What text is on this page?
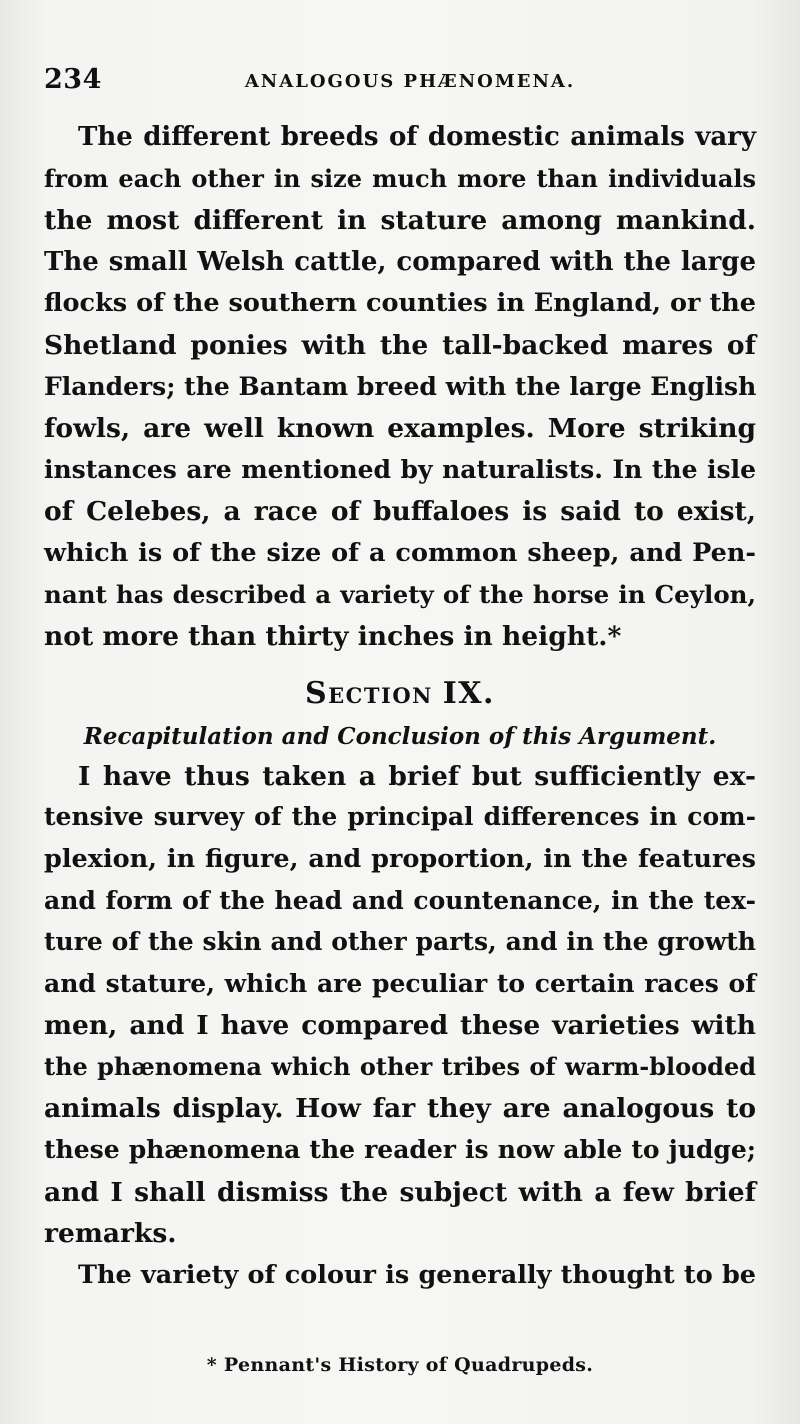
234	ANALOGOUS PHÆNOMENA.
The different breeds of domestic animals vary
from each other in size much more than individuals
the most different in stature among mankind.
The small Welsh cattle, compared with the large
flocks of the southern counties in England, or the
Shetland ponies with the tall-backed mares of
Flanders; the Bantam breed with the large English
fowls, are well known examples. More striking
instances are mentioned by naturalists. In the isle
of Celebes, a race of buffaloes is said to exist,
which is of the size of a common sheep, and Pen-
nant has described a variety of the horse in Ceylon,
not more than thirty inches in height.*
Section IX.
Recapitulation and Conclusion of this Argument.
I have thus taken a brief but sufficiently ex-
tensive survey of the principal differences in com-
plexion, in figure, and proportion, in the features
and form of the head and countenance, in the tex-
ture of the skin and other parts, and in the growth
and stature, which are peculiar to certain races of
men, and I have compared these varieties with
the phænomena which other tribes of warm-blooded
animals display. How far they are analogous to
these phænomena the reader is now able to judge;
and I shall dismiss the subject with a few brief
remarks.
The variety of colour is generally thought to be
* Pennant's History of Quadrupeds.
